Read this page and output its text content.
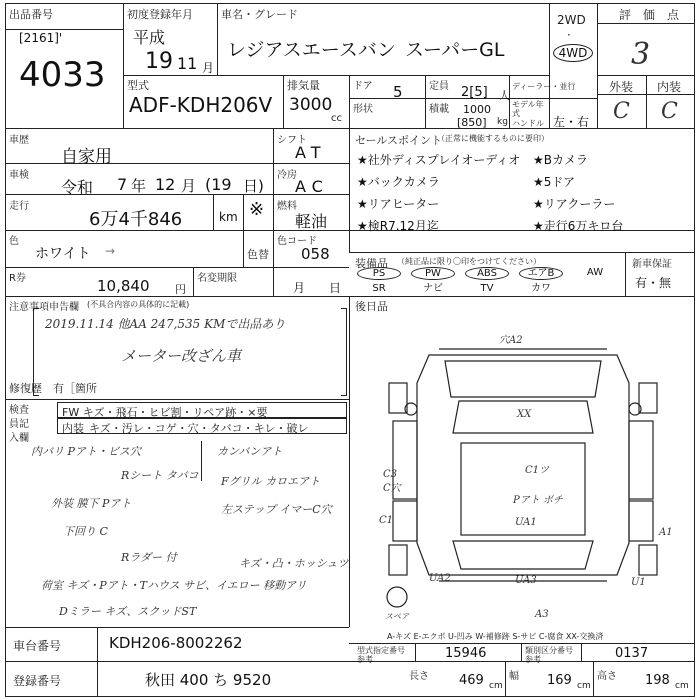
出品番号
[2161]'
4033
初度登録年月
平成
19 11 月
車名・グレード
レジアスエースバン スーパーGL
2WD
·
4WD
評　価　点
3
外装 内装
C C
型式
ADF-KDH206V
排気量
3000
cc
ドア 5	定員 2[5] 人
ディーラー・並行
形状	積載 1000
[850] kg
モデル年式
ハンドル 左・右
車歴
自家用
シフト
AT
車検
令和 7 年 12 月 (19 日)
冷房
AC
走行
6万4千846	km ※ 燃料
軽油
色
ホワイト →	色替
色コード
058
R券	10,840 円
名変期限
月 日
セールスポイント
（正常に機能するものに要印）
★社外ディスプレイオーディオ
★バックカメラ
★リアヒーター
★検R7.12月迄
★Bカメラ
★5ドア
★リアクーラー
★走行6万キロ台
装備品 （純正品に限り〇印をつけてください）	新車保証
有・無
PS	PW	ABS	エアB	AW
SR	ナビ	TV	カワ
注意事項申告欄 (不具合内容の具体的に記載)
2019.11.14 他AA 247,535 KMで出品あり
メーター改ざん車
修復歴 有［箇所
検査員記入欄
FW キズ・飛石・ヒビ割・リペア跡・×要
内装 キズ・汚レ・コゲ・穴・タバコ・キレ・破レ
内バリ Pアト・ビス穴
Rシート タバコ
外装 膜下 Pアト
下回り C
Rラダー 付
荷室 キズ・Pアト・Tハウス サビ、イエロー 移動アリ
Dミラー キズ、スクッドST
カンバンアト
Fグリル カロエアト
左ステップ イマーC穴
キズ・凸・ホッシュツ
後日品
穴A2
XX
C3
C穴
C1ツ
C1
Pアト ボチ
UA1
A1
UA2	UA3	U1
A3
スペア
A-キズ E-エクボ U-凹み W-補修跡 S-サビ C-腐食 XX-交換済
車台番号	KDH206-8002262
登録番号	秋田 400 ち 9520
型式指定番号 参考	15946	類別区分番号 参考	0137
長さ 469 cm
幅 169 cm
高さ 198 cm
